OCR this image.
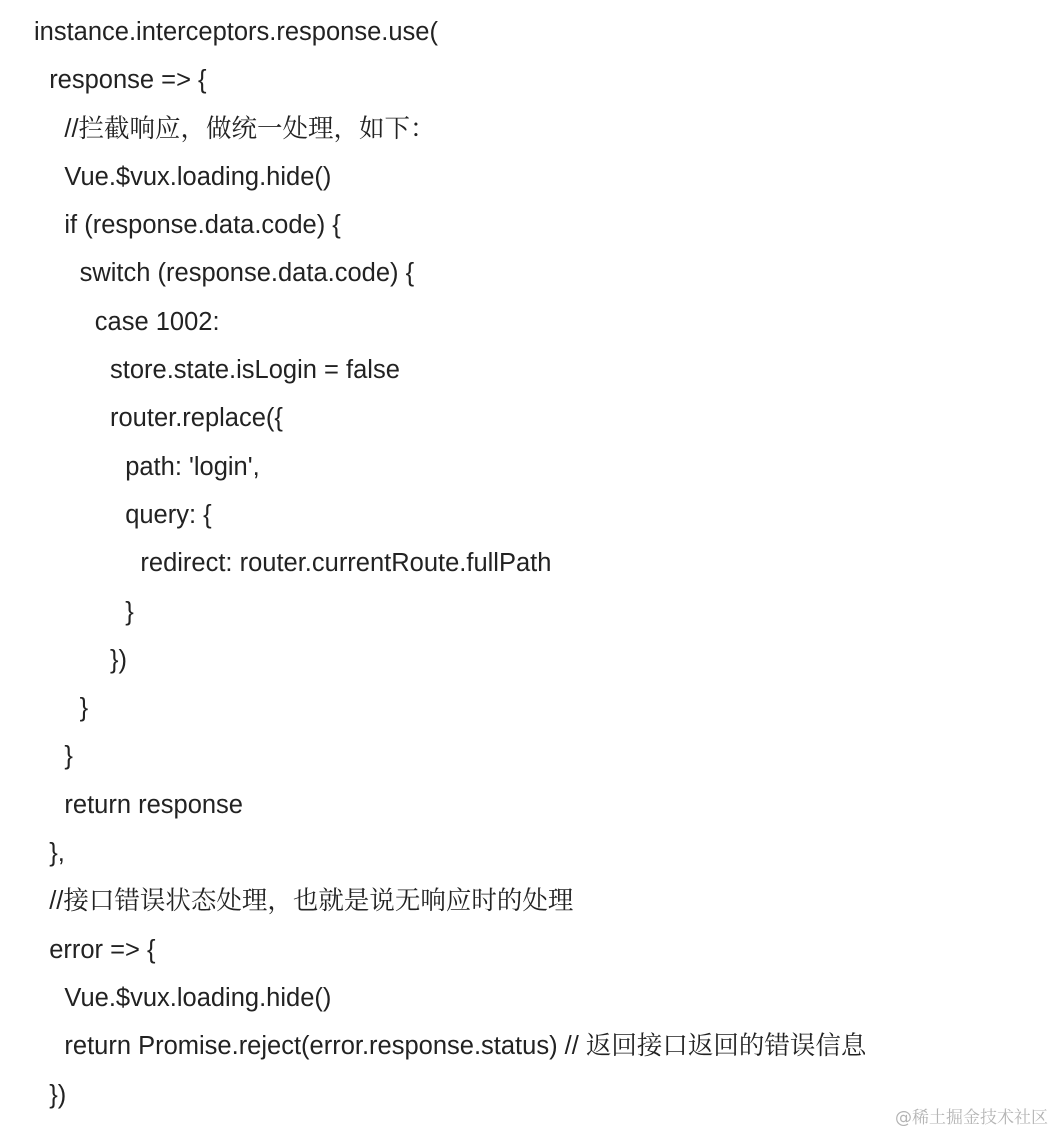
instance.interceptors.response.use(
response => {
//拦截响应，做统一处理，如下：
Vue.$vux.loading.hide()
if (response.data.code) {
switch (response.data.code) {
case 1002:
store.state.isLogin = false
router.replace({
path: 'login',
query: {
redirect: router.currentRoute.fullPath
}
})
}
}
return response
},
//接口错误状态处理，也就是说无响应时的处理
error => {
Vue.$vux.loading.hide()
return Promise.reject(error.response.status) // 返回接口返回的错误信息
})
@稀土掘金技术社区
